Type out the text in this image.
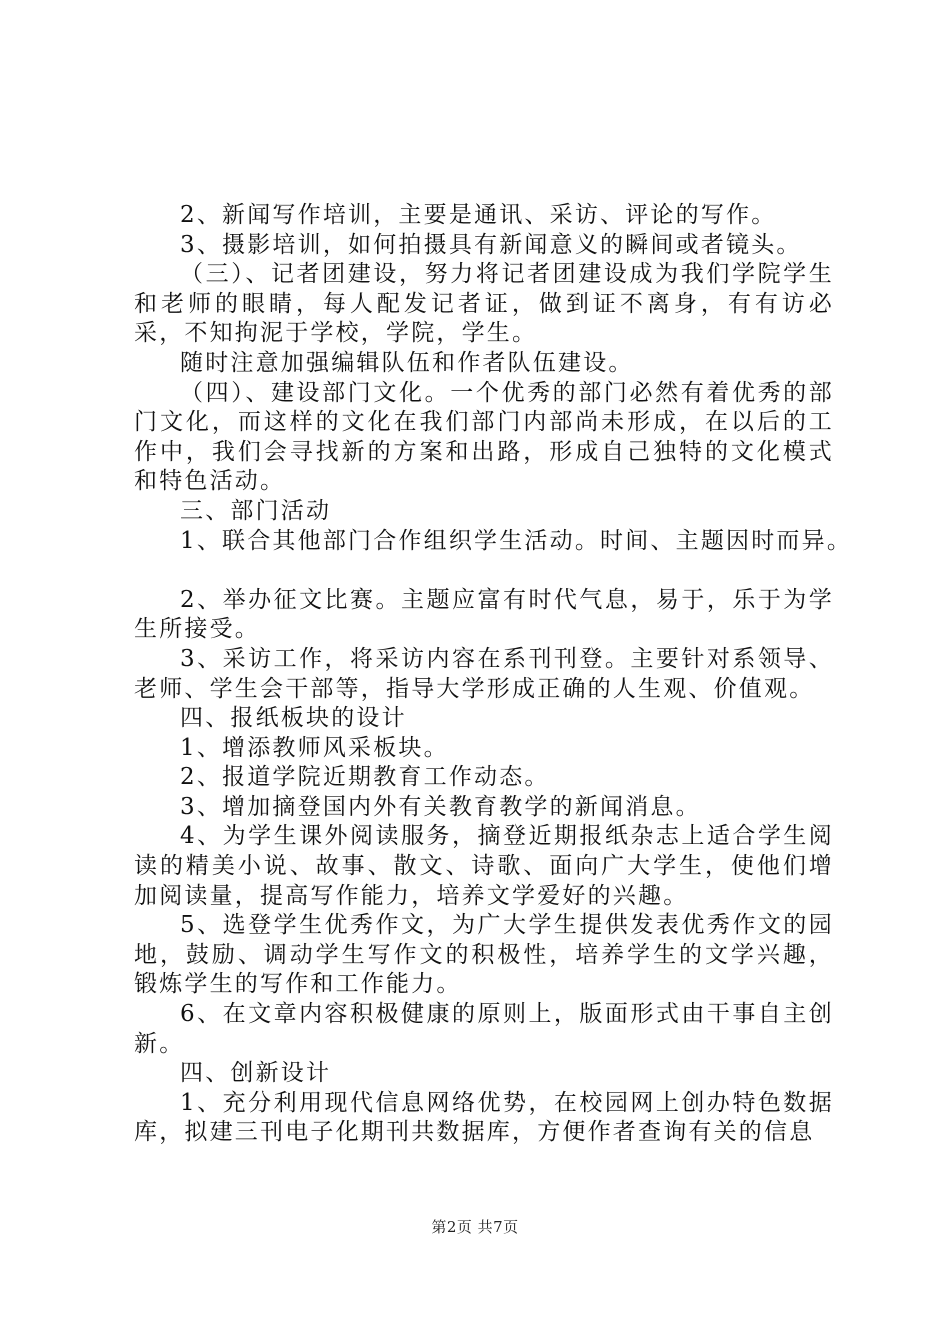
2、新闻写作培训，主要是通讯、采访、评论的写作。

3、摄影培训，如何拍摄具有新闻意义的瞬间或者镜头。

（三）、记者团建设，努力将记者团建设成为我们学院学生和老师的眼睛，每人配发记者证，做到证不离身，有有访必采，不知拘泥于学校，学院，学生。

随时注意加强编辑队伍和作者队伍建设。

（四）、建设部门文化。一个优秀的部门必然有着优秀的部门文化，而这样的文化在我们部门内部尚未形成，在以后的工作中，我们会寻找新的方案和出路，形成自己独特的文化模式和特色活动。

三、部门活动

1、联合其他部门合作组织学生活动。时间、主题因时而异。

2、举办征文比赛。主题应富有时代气息，易于，乐于为学生所接受。

3、采访工作，将采访内容在系刊刊登。主要针对系领导、老师、学生会干部等，指导大学形成正确的人生观、价值观。

四、报纸板块的设计

1、增添教师风采板块。

2、报道学院近期教育工作动态。

3、增加摘登国内外有关教育教学的新闻消息。

4、为学生课外阅读服务，摘登近期报纸杂志上适合学生阅读的精美小说、故事、散文、诗歌、面向广大学生，使他们增加阅读量，提高写作能力，培养文学爱好的兴趣。

5、选登学生优秀作文，为广大学生提供发表优秀作文的园地，鼓励、调动学生写作文的积极性，培养学生的文学兴趣，锻炼学生的写作和工作能力。

6、在文章内容积极健康的原则上，版面形式由干事自主创新。

四、创新设计

1、充分利用现代信息网络优势，在校园网上创办特色数据库，拟建三刊电子化期刊共数据库，方便作者查询有关的信息

第2页 共7页
